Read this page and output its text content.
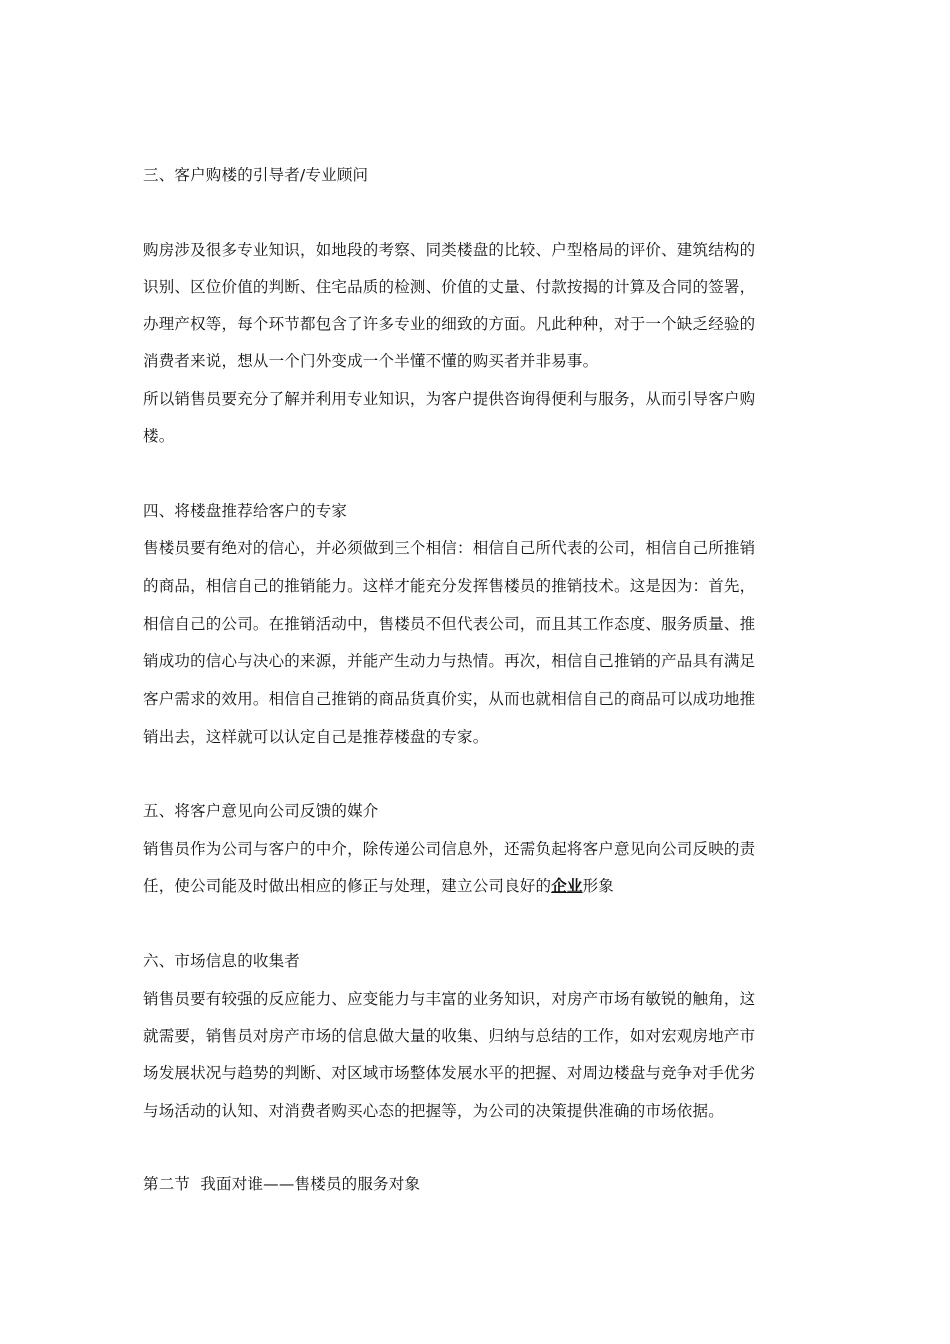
三、客户购楼的引导者/专业顾问
购房涉及很多专业知识，如地段的考察、同类楼盘的比较、户型格局的评价、建筑结构的
识别、区位价值的判断、住宅品质的检测、价值的丈量、付款按揭的计算及合同的签署，
办理产权等，每个环节都包含了许多专业的细致的方面。凡此种种，对于一个缺乏经验的
消费者来说，想从一个门外变成一个半懂不懂的购买者并非易事。
所以销售员要充分了解并利用专业知识，为客户提供咨询得便利与服务，从而引导客户购
楼。
四、将楼盘推荐给客户的专家
售楼员要有绝对的信心，并必须做到三个相信：相信自己所代表的公司，相信自己所推销
的商品，相信自己的推销能力。这样才能充分发挥售楼员的推销技术。这是因为：首先，
相信自己的公司。在推销活动中，售楼员不但代表公司，而且其工作态度、服务质量、推
销成功的信心与决心的来源，并能产生动力与热情。再次，相信自己推销的产品具有满足
客户需求的效用。相信自己推销的商品货真价实，从而也就相信自己的商品可以成功地推
销出去，这样就可以认定自己是推荐楼盘的专家。
五、将客户意见向公司反馈的媒介
销售员作为公司与客户的中介，除传递公司信息外，还需负起将客户意见向公司反映的责
任，使公司能及时做出相应的修正与处理，建立公司良好的企业形象
六、市场信息的收集者
销售员要有较强的反应能力、应变能力与丰富的业务知识，对房产市场有敏锐的触角，这
就需要，销售员对房产市场的信息做大量的收集、归纳与总结的工作，如对宏观房地产市
场发展状况与趋势的判断、对区域市场整体发展水平的把握、对周边楼盘与竞争对手优劣
与场活动的认知、对消费者购买心态的把握等，为公司的决策提供准确的市场依据。
第二节  我面对谁——售楼员的服务对象
